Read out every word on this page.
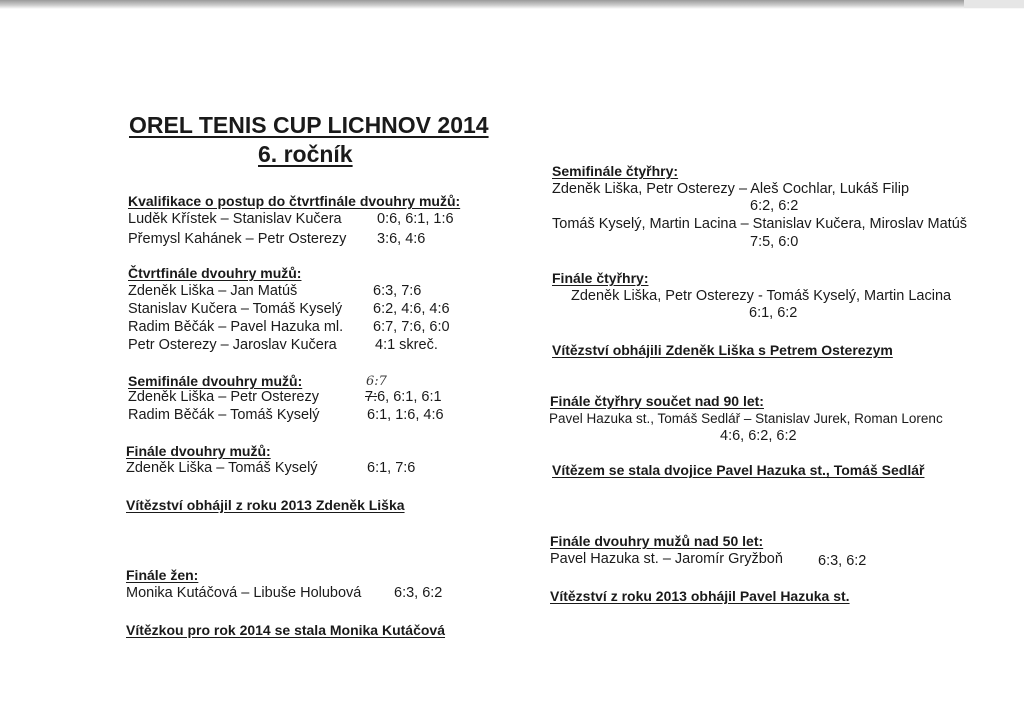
OREL TENIS CUP LICHNOV 2014
6. ročník
Kvalifikace o postup do čtvrtfinále dvouhry mužů:
Luděk Křístek – Stanislav Kučera 0:6, 6:1, 1:6
Přemysl Kahánek – Petr Osterezy 3:6, 4:6
Čtvrtfinále dvouhry mužů:
Zdeněk Liška – Jan Matúš	6:3, 7:6
Stanislav Kučera – Tomáš Kyselý 6:2, 4:6, 4:6
Radim Běčák – Pavel Hazuka ml. 6:7, 7:6, 6:0
Petr Osterezy – Jaroslav Kučera	4:1 skreč.
Semifinále dvouhry mužů:	6:7
Zdeněk Liška – Petr Osterezy	7:6, 6:1, 6:1
Radim Běčák – Tomáš Kyselý	6:1, 1:6, 4:6
Finále dvouhry mužů:
Zdeněk Liška – Tomáš Kyselý	6:1, 7:6
Vítězství obhájil z roku 2013 Zdeněk Liška
Finále žen:
Monika Kutáčová – Libuše Holubová 6:3, 6:2
Vítězkou pro rok 2014 se stala Monika Kutáčová
Semifinále čtyřhry:
Zdeněk Liška, Petr Osterezy – Aleš Cochlar, Lukáš Filip
6:2, 6:2
Tomáš Kyselý, Martin Lacina – Stanislav Kučera, Miroslav Matúš
7:5, 6:0
Finále čtyřhry:
Zdeněk Liška, Petr Osterezy - Tomáš Kyselý, Martin Lacina
6:1, 6:2
Vítězství obhájili Zdeněk Liška s Petrem Osterezym
Finále čtyřhry součet nad 90 let:
Pavel Hazuka st., Tomáš Sedlář – Stanislav Jurek, Roman Lorenc
4:6, 6:2, 6:2
Vítězem se stala dvojice Pavel Hazuka st., Tomáš Sedlář
Finále dvouhry mužů nad 50 let:
Pavel Hazuka st. – Jaromír Gryžboň 6:3, 6:2
Vítězství z roku 2013 obhájil Pavel Hazuka st.
